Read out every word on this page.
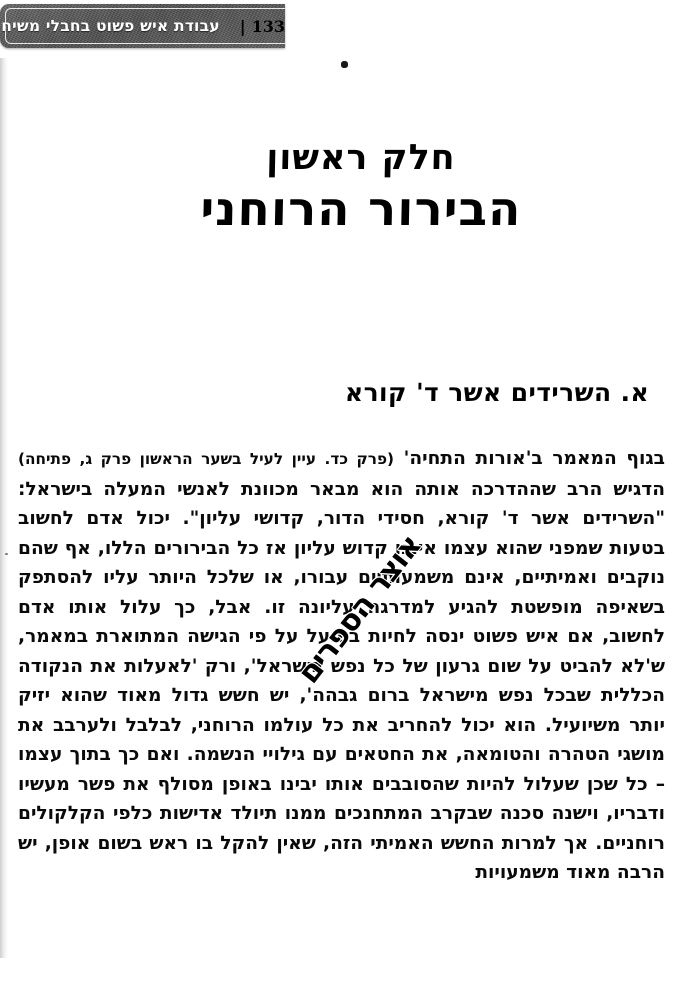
133
|
עבודת איש פשוט בחבלי משיח
חלק ראשון
הבירור הרוחני
א. השרידים אשר ד' קורא

בגוף המאמר ב'אורות התחיה' (פרק כד. עיין לעיל בשער הראשון פרק ג, פתיחה) הדגיש הרב שההדרכה אותה הוא מבאר מכוונת לאנשי המעלה בישראל: "השרידים אשר ד' קורא, חסידי הדור, קדושי עליון". יכול אדם לחשוב בטעות שמפני שהוא עצמו איננו קדוש עליון אז כל הבירורים הללו, אף שהם נוקבים ואמיתיים, אינם משמעותיים עבורו, או שלכל היותר עליו להסתפק בשאיפה מופשטת להגיע למדרגה עליונה זו. אבל, כך עלול אותו אדם לחשוב, אם איש פשוט ינסה לחיות בפועל על פי הגישה המתוארת במאמר, ש'לא להביט על שום גרעון של כל נפש בישראל', ורק 'לאעלות את הנקודה הכללית שבכל נפש מישראל ברום גבהה', יש חשש גדול מאוד שהוא יזיק יותר משיועיל. הוא יכול להחריב את כל עולמו הרוחני, לבלבל ולערבב את מושגי הטהרה והטומאה, את החטאים עם גילויי הנשמה. ואם כך בתוך עצמו – כל שכן שעלול להיות שהסובבים אותו יבינו באופן מסולף את פשר מעשיו ודבריו, וישנה סכנה שבקרב המתחנכים ממנו תיולד אדישות כלפי הקלקולים רוחניים. אך למרות החשש האמיתי הזה, שאין להקל בו ראש בשום אופן, יש הרבה מאוד משמעויות

אוצר הספרים
